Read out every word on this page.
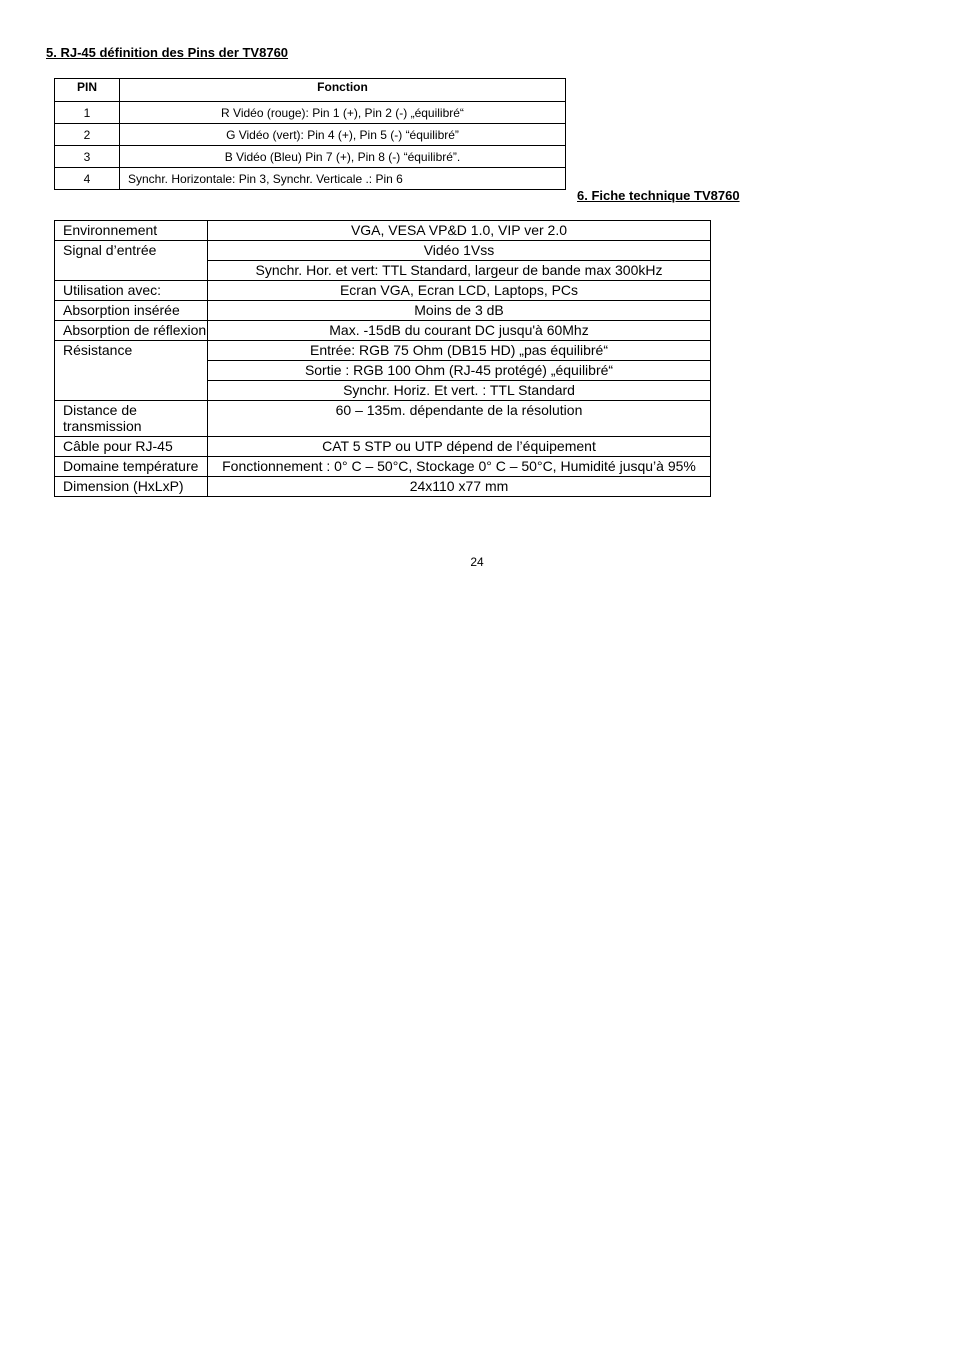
5. RJ-45 définition des Pins der TV8760
PIN	Fonction
1	R Vidéo (rouge): Pin 1 (+), Pin 2 (-) „équilibré“
2	G Vidéo (vert): Pin 4 (+), Pin 5 (-) “équilibré”
3	B Vidéo (Bleu) Pin 7 (+), Pin 8 (-) “équilibré”.
4	Synchr. Horizontale: Pin 3, Synchr. Verticale .: Pin 6
6. Fiche technique TV8760
Environnement	VGA, VESA VP&D 1.0, VIP ver 2.0
Signal d’entrée	Vidéo 1Vss
	Synchr. Hor. et vert: TTL Standard, largeur de bande max 300kHz
Utilisation avec:	Ecran VGA, Ecran LCD, Laptops, PCs
Absorption insérée	Moins de 3 dB
Absorption de réflexion	Max. -15dB du courant DC jusqu'à 60Mhz
Résistance	Entrée: RGB 75 Ohm (DB15 HD) „pas équilibré“
	Sortie : RGB 100 Ohm (RJ-45 protégé) „équilibré“
	Synchr. Horiz. Et vert. : TTL Standard
Distance de transmission	60 – 135m. dépendante de la résolution
Câble pour RJ-45	CAT 5 STP ou UTP dépend de l’équipement
Domaine température	Fonctionnement : 0° C – 50°C, Stockage 0° C – 50°C, Humidité jusqu’à 95%
Dimension (HxLxP)	24x110 x77 mm
24
